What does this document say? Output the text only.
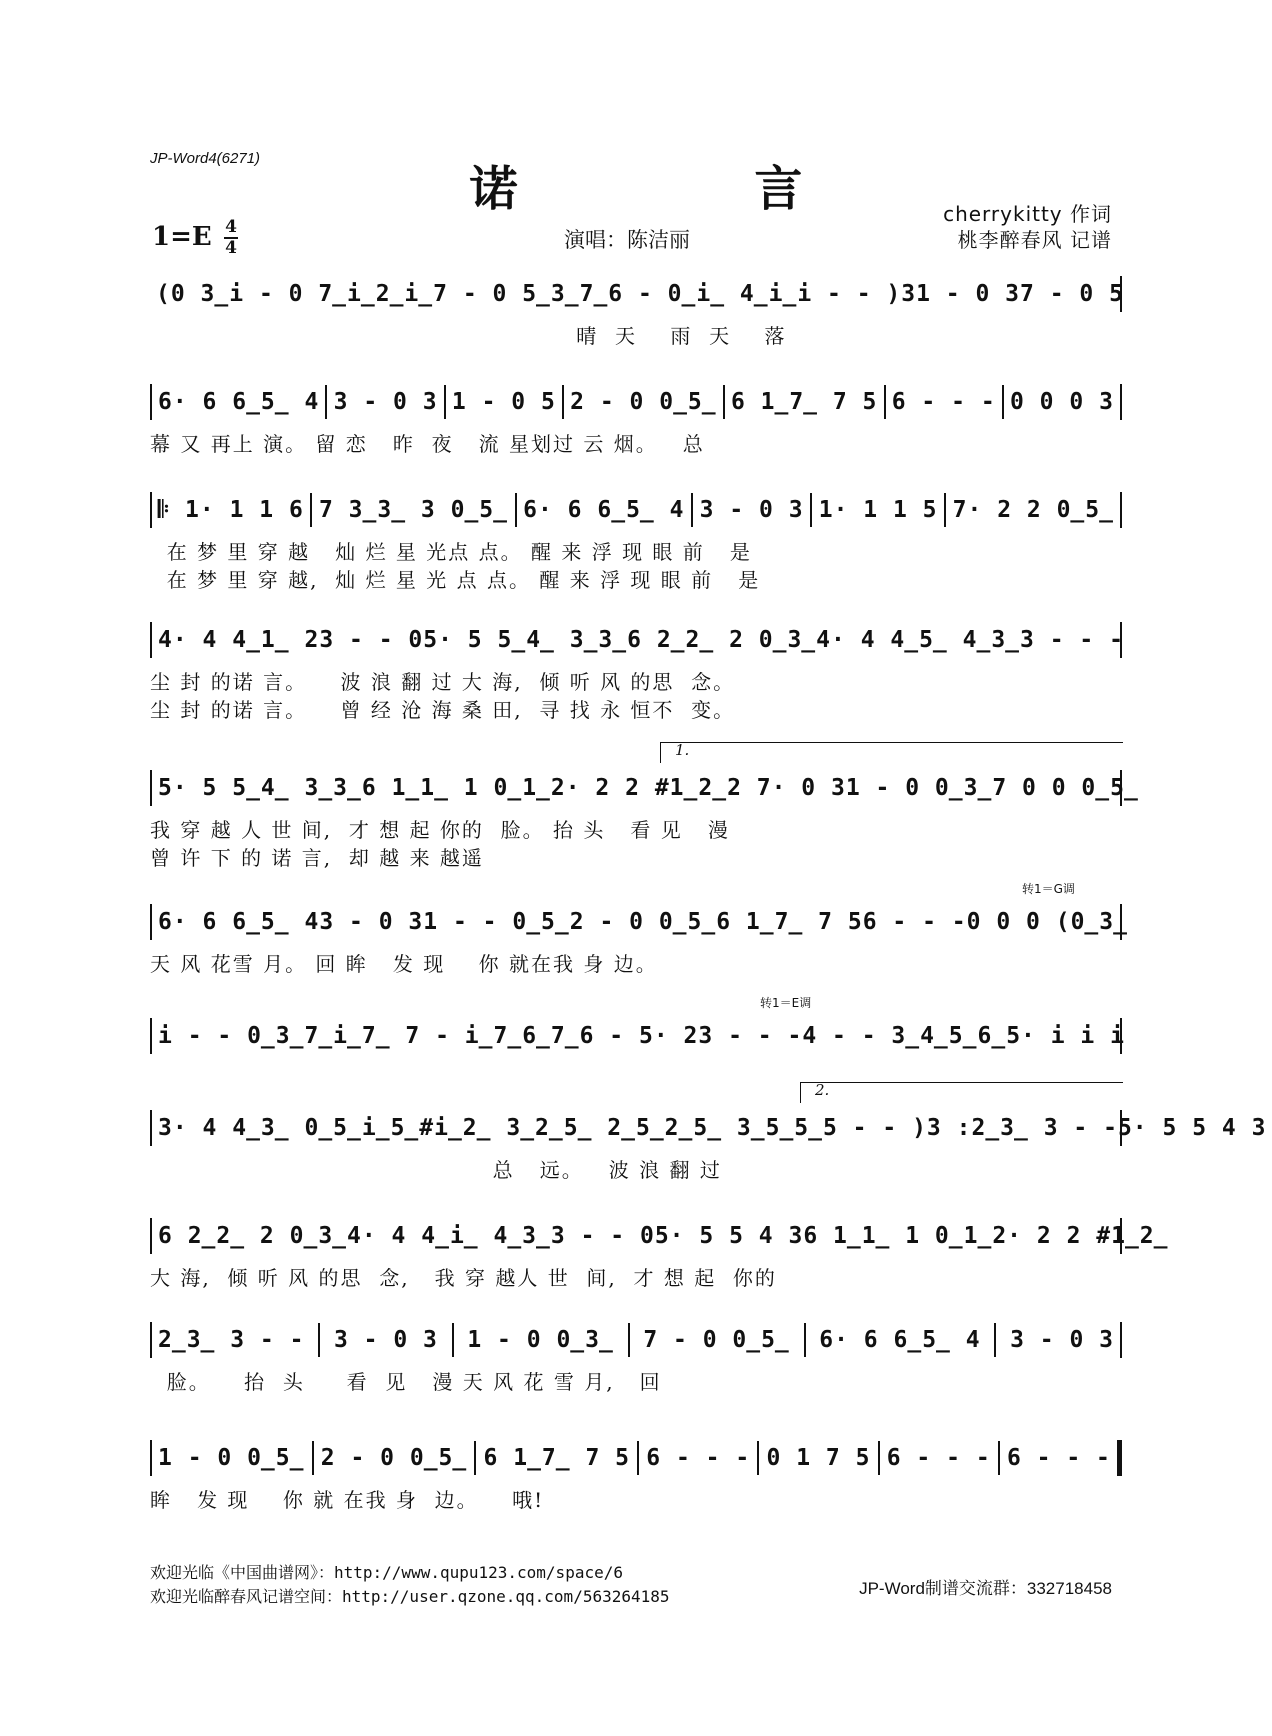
JP-Word4(6271)
诺 言
1=E 4
4	演唱：陈洁丽
cherrykitty 作词
桃李醉春风 记谱
(0 3̲ i - 0 7̲i̲2̲i̲ 7 - 0 5̲3̲7̲ 6 - 0̲i̲ 4̲i̲ i - - )3 1 - 0 3 7 - 0 5
晴  天    雨  天    落
6· 6 6̲5̲ 4 3 - 0 3 1 - 0 5 2 - 0 0̲5̲ 6 1̲7̲ 7 5 6 - - - 0 0 0 3
幕 又 再上 演。 留 恋   昨  夜   流 星划过 云 烟。   总
𝄆 1· 1 1 6 7 3̲3̲ 3 0̲5̲ 6· 6 6̲5̲ 4 3 - 0 3 1· 1 1 5 7· 2 2 0̲5̲
在 梦 里 穿 越   灿 烂 星 光点 点。 醒 来 浮 现 眼 前   是
在 梦 里 穿 越,  灿 烂 星 光 点 点。 醒 来 浮 现 眼 前   是
4· 4 4̲1̲ 2 3 - - 0 5· 5 5̲4̲ 3̲3̲ 6 2̲2̲ 2 0̲3̲ 4· 4 4̲5̲ 4̲3̲ 3 - - -
尘 封 的诺 言。    波 浪 翻 过 大 海,  倾 听 风 的思  念。
尘 封 的诺 言。    曾 经 沧 海 桑 田,  寻 找 永 恒不  变。
1.
5· 5 5̲4̲ 3̲3̲ 6 1̲1̲ 1 0̲1̲ 2· 2 2 #1̲2̲ 2 7· 0 3 1 - 0 0̲3̲ 7 0 0 0̲5̲
我 穿 越 人 世 间,  才 想 起 你的  脸。 抬 头   看 见   漫
曾 许 下 的 诺 言,  却 越 来 越遥
转1＝G调
6· 6 6̲5̲ 4 3 - 0 3 1 - - 0̲5̲ 2 - 0 0̲5̲ 6 1̲7̲ 7 5 6 - - - 0 0 0 (0̲3̲
天 风 花雪 月。 回 眸   发 现    你 就在我 身 边。
转1＝E调
i - - 0̲3̲ 7̲i̲7̲ 7 - i̲7̲6̲7̲ 6 - 5· 2 3 - - - 4 - - 3̲4̲5̲6̲ 5· i i i
2.
3· 4 4̲3̲ 0̲5̲ i̲5̲#i̲2̲ 3̲2̲5̲ 2̲5̲2̲5̲ 3̲5̲5̲ 5 - - )3 : 2̲3̲ 3 - - 5· 5 5 4 3
总   远。   波 浪 翻 过
6 2̲2̲ 2 0̲3̲ 4· 4 4̲i̲ 4̲3̲ 3 - - 0 5· 5 5 4 3 6 1̲1̲ 1 0̲1̲ 2· 2 2 #1̲2̲
大 海,  倾 听 风 的思  念,   我 穿 越人 世  间,  才 想 起  你的
2̲3̲ 3 - - 3 - 0 3 1 - 0 0̲3̲ 7 - 0 0̲5̲ 6· 6 6̲5̲ 4 3 - 0 3
脸。    抬  头     看  见   漫 天 风 花 雪 月,   回
1 - 0 0̲5̲ 2 - 0 0̲5̲ 6 1̲7̲ 7 5 6 - - - 0 1 7 5 6 - - - 6 - - -
眸   发 现    你 就 在我 身  边。    哦!
欢迎光临《中国曲谱网》：http://www.qupu123.com/space/6
欢迎光临醉春风记谱空间：http://user.qzone.qq.com/563264185	JP-Word制谱交流群：332718458
